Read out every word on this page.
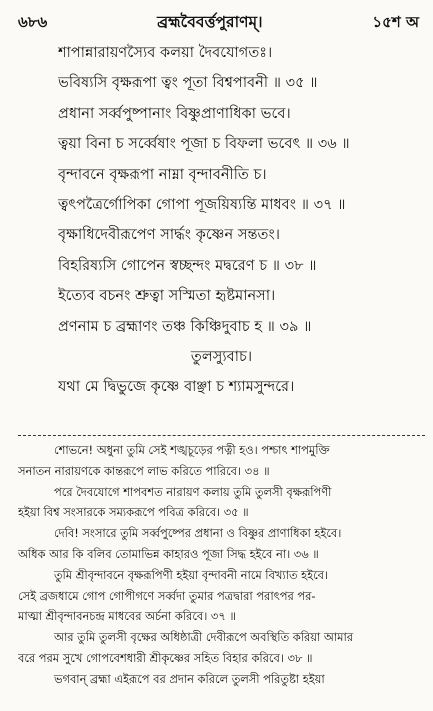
৬৮৬	ব্রহ্মবৈবর্ত্তপুরাণম্।	১৫শ অ
শাপান্নারায়ণস্যৈব কলয়া দৈবযোগতঃ।
ভবিষ্যসি বৃক্ষরূপা ত্বং পূতা বিশ্বপাবনী ॥ ৩৫ ॥
প্রধানা সর্ব্বপুষ্পানাং বিষ্ণুপ্রাণাধিকা ভবে।
ত্বয়া বিনা চ সর্ব্বেষাং পূজা চ বিফলা ভবেৎ ॥ ৩৬ ॥
বৃন্দাবনে বৃক্ষরূপা নাম্না বৃন্দাবনীতি চ।
ত্বৎপত্রৈর্গোপিকা গোপা পূজয়িষ্যন্তি মাধবং ॥ ৩৭ ॥
বৃক্ষাধিদেবীরূপেণ সার্দ্ধং কৃষ্ণেন সন্ততং।
বিহরিষ্যসি গোপেন স্বচ্ছন্দং মদ্বরেণ চ ॥ ৩৮ ॥
ইত্যেব বচনং শ্রুত্বা সস্মিতা হৃষ্টমানসা।
প্রণনাম চ ব্রহ্মাণং তঞ্চ কিঞ্চিদুবাচ হ ॥ ৩৯ ॥
তুলস্যুবাচ।
যথা মে দ্বিভুজে কৃষ্ণে বাঞ্ছা চ শ্যামসুন্দরে।
শোভনে! অধুনা তুমি সেই শঙ্খচূড়ের পত্নী হও। পশ্চাৎ শাপমুক্তি
সনাতন নারায়ণকে কান্তরূপে লাভ করিতে পারিবে। ৩৪ ॥
পরে দৈবযোগে শাপবশত নারায়ণ কলায় তুমি তুলসী বৃক্ষরূপিণী
হইয়া বিশ্ব সংসারকে সম্যকরূপে পবিত্র করিবে। ৩৫ ॥
দেবি! সংসারে তুমি সর্ব্বপুষ্পের প্রধানা ও বিষ্ণুর প্রাণাধিকা হইবে।
অধিক আর কি বলিব তোমাভিন্ন কাহারও পূজা সিদ্ধ হইবে না। ৩৬ ॥
তুমি শ্রীবৃন্দাবনে বৃক্ষরূপিণী হইয়া বৃন্দাবনী নামে বিখ্যাত হইবে।
সেই ব্রজধামে গোপ গোপীগণে সর্ব্বদা তুমার পত্রদ্বারা পরাৎপর পর-
মাত্মা শ্রীবৃন্দাবনচন্দ্র মাধবের অর্চনা করিবে। ৩৭ ॥
আর তুমি তুলসী বৃক্ষের অধিষ্ঠাত্রী দেবীরূপে অবস্থিতি করিয়া আমার
বরে পরম সুখে গোপবেশধারী শ্রীকৃষ্ণের সহিত বিহার করিবে। ৩৮ ॥
ভগবান্ ব্রহ্মা এইরূপে বর প্রদান করিলে তুলসী পরিতুষ্টা হইয়া
